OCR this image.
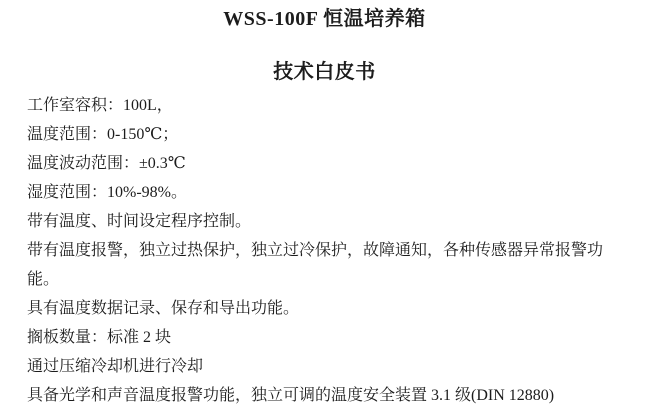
WSS-100F 恒温培养箱
技术白皮书

工作室容积：100L，

温度范围：0-150℃；

温度波动范围：±0.3℃

湿度范围：10%-98%。

带有温度、时间设定程序控制。

带有温度报警，独立过热保护，独立过冷保护，故障通知，各种传感器异常报警功能。

具有温度数据记录、保存和导出功能。

搁板数量：标准 2 块

通过压缩冷却机进行冷却

具备光学和声音温度报警功能，独立可调的温度安全装置 3.1 级(DIN 12880)
